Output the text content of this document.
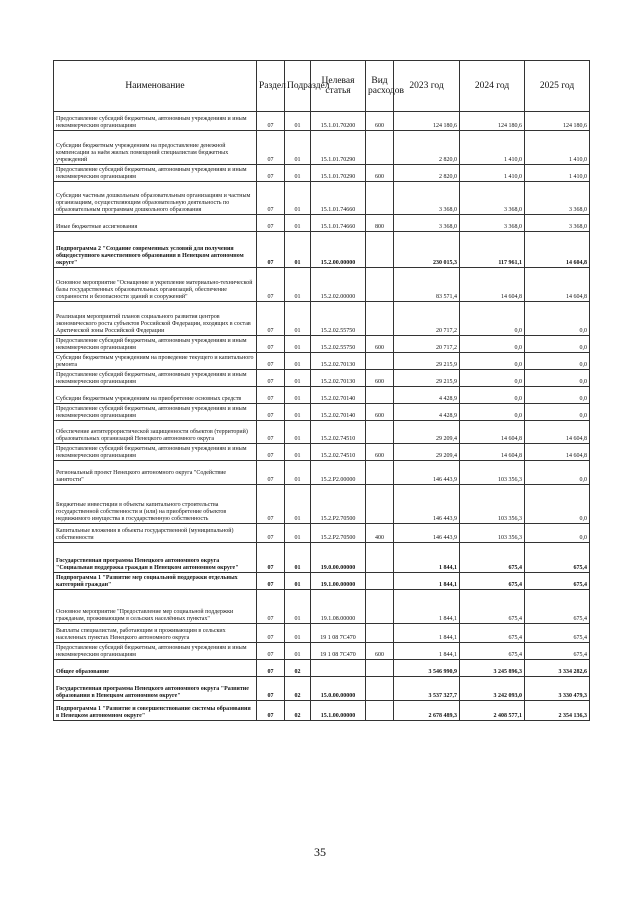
Наименование	Раздел	Подраздел	Целевая статья	Вид расходов	2023 год	2024 год	2025 год
Предоставление субсидий бюджетным, автономным учреждениям и иным некоммерческим организациям	07	01	15.1.01.70200	600	124 180,6	124 180,6	124 180,6
Субсидии бюджетным учреждениям на предоставление денежной компенсации за наём жилых помещений специалистам бюджетных учреждений	07	01	15.1.01.70290		2 820,0	1 410,0	1 410,0
Предоставление субсидий бюджетным, автономным учреждениям и иным некоммерческим организациям	07	01	15.1.01.70290	600	2 820,0	1 410,0	1 410,0
Субсидии частным дошкольным образовательным организациям и частным организациям, осуществляющим образовательную деятельность по образовательным программам дошкольного образования	07	01	15.1.01.74660		3 368,0	3 368,0	3 368,0
Иные бюджетные ассигнования	07	01	15.1.01.74660	800	3 368,0	3 368,0	3 368,0
Подпрограмма 2 "Создание современных условий для получения общедоступного качественного образования в Ненецком автономном округе"	07	01	15.2.00.00000		230 015,3	117 961,1	14 604,8
Основное мероприятие "Оснащение и укрепление материально-технической базы государственных образовательных организаций, обеспечение сохранности и безопасности зданий и сооружений"	07	01	15.2.02.00000		83 571,4	14 604,8	14 604,8
Реализация мероприятий планов социального развития центров экономического роста субъектов Российской Федерации, входящих в состав Арктической зоны Российской Федерации	07	01	15.2.02.55750		20 717,2	0,0	0,0
Предоставление субсидий бюджетным, автономным учреждениям и иным некоммерческим организациям	07	01	15.2.02.55750	600	20 717,2	0,0	0,0
Субсидии бюджетным учреждениям на проведение текущего и капитального ремонта	07	01	15.2.02.70130		29 215,9	0,0	0,0
Предоставление субсидий бюджетным, автономным учреждениям и иным некоммерческим организациям	07	01	15.2.02.70130	600	29 215,9	0,0	0,0
Субсидии бюджетным учреждениям на приобретение основных средств	07	01	15.2.02.70140		4 428,9	0,0	0,0
Предоставление субсидий бюджетным, автономным учреждениям и иным некоммерческим организациям	07	01	15.2.02.70140	600	4 428,9	0,0	0,0
Обеспечение антитеррористической защищенности объектов (территорий) образовательных организаций Ненецкого автономного округа	07	01	15.2.02.74510		29 209,4	14 604,8	14 604,8
Предоставление субсидий бюджетным, автономным учреждениям и иным некоммерческим организациям	07	01	15.2.02.74510	600	29 209,4	14 604,8	14 604,8
Региональный проект Ненецкого автономного округа "Содействие занятости"	07	01	15.2.P2.00000		146 443,9	103 356,3	0,0
Бюджетные инвестиции в объекты капитального строительства государственной собственности и (или) на приобретение объектов недвижимого имущества в государственную собственность	07	01	15.2.P2.70500		146 443,9	103 356,3	0,0
Капитальные вложения в объекты государственной (муниципальной) собственности	07	01	15.2.P2.70500	400	146 443,9	103 356,3	0,0
Государственная программа Ненецкого автономного округа "Социальная поддержка граждан в Ненецком автономном округе"	07	01	19.0.00.00000		1 844,1	675,4	675,4
Подпрограмма 1 "Развитие мер социальной поддержки отдельных категорий граждан"	07	01	19.1.00.00000		1 844,1	675,4	675,4
Основное мероприятие "Предоставление мер социальной поддержки гражданам, проживающим в сельских населённых пунктах"	07	01	19.1.08.00000		1 844,1	675,4	675,4
Выплаты специалистам, работающим и проживающим в сельских населенных пунктах Ненецкого автономного округа	07	01	19 1 08 7C470		1 844,1	675,4	675,4
Предоставление субсидий бюджетным, автономным учреждениям и иным некоммерческим организациям	07	01	19 1 08 7C470	600	1 844,1	675,4	675,4
Общее образование	07	02			3 546 990,9	3 245 896,3	3 334 282,6
Государственная программа Ненецкого автономного округа "Развитие образования в Ненецком автономном округе"	07	02	15.0.00.00000		3 537 327,7	3 242 093,0	3 330 479,3
Подпрограмма 1 "Развитие и совершенствование системы образования в Ненецком автономном округе"	07	02	15.1.00.00000		2 678 489,3	2 408 577,1	2 354 136,3
35
